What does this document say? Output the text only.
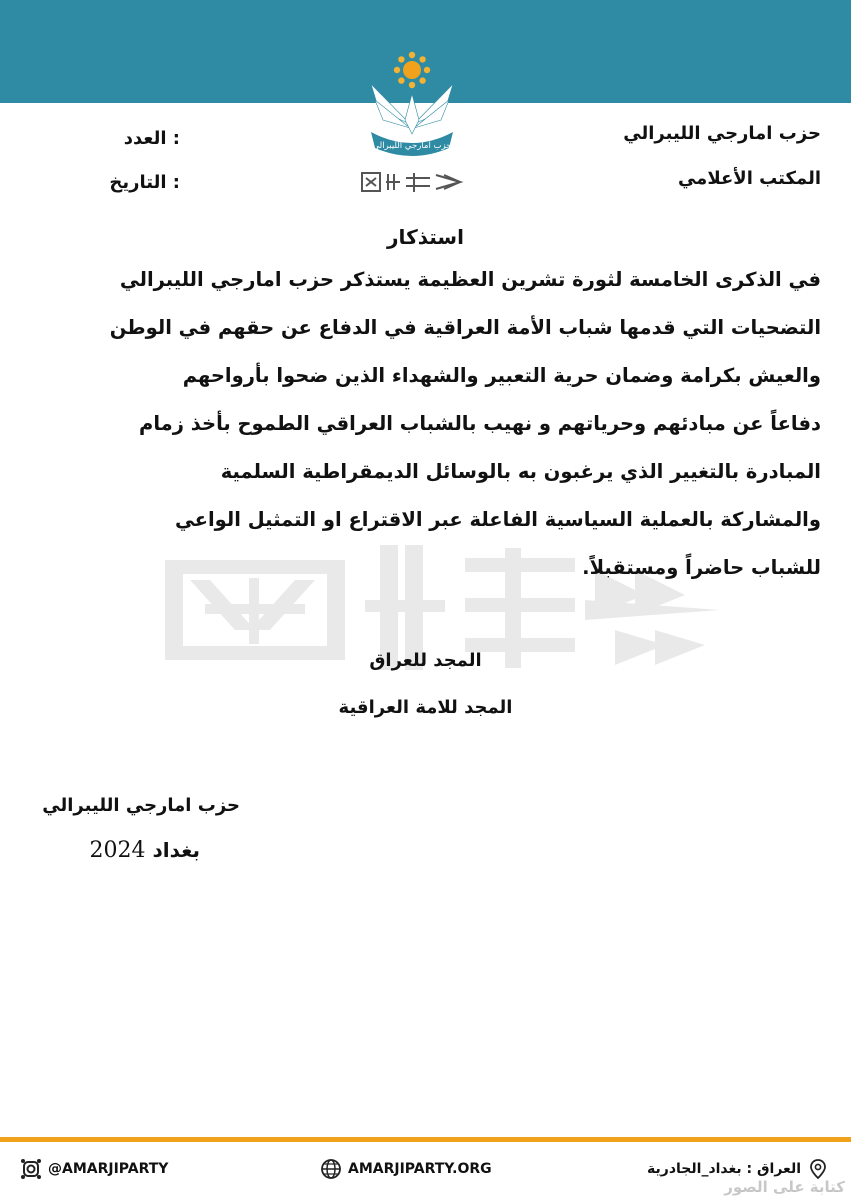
حزب امارجي الليبرالي
حزب امارجي الليبرالي
المكتب الأعلامي
العدد :
التاريخ :
استذكار
في الذكرى الخامسة لثورة تشرين العظيمة يستذكر حزب امارجي الليبرالي
التضحيات التي قدمها شباب الأمة العراقية في الدفاع عن حقهم في الوطن
والعيش بكرامة وضمان حرية التعبير والشهداء الذين ضحوا بأرواحهم
دفاعاً عن مبادئهم وحرياتهم و نهيب بالشباب العراقي الطموح بأخذ زمام
المبادرة بالتغيير الذي يرغبون به بالوسائل الديمقراطية السلمية
والمشاركة بالعملية السياسية الفاعلة عبر الاقتراع او التمثيل الواعي
للشباب حاضراً ومستقبلاً.
المجد للعراق
المجد للامة العراقية
حزب امارجي الليبرالي
بغداد 2024
@AMARJIPARTY	AMARJIPARTY.ORG	العراق : بغداد_الجادرية
كتابة على الصور
